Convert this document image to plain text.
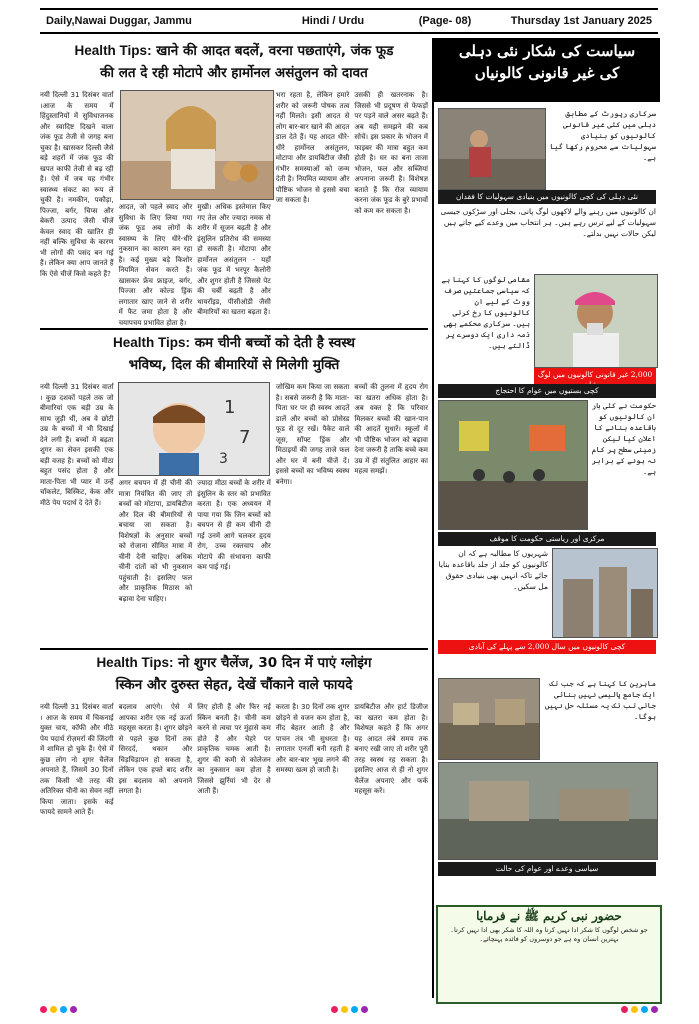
Daily,Nawai Duggar, Jammu	Hindi / Urdu	(Page- 08)	Thursday 1st January 2025
Health Tips: खाने की आदत बदलें, वरना पछताएंगे, जंक फूड
की लत दे रही मोटापे और हार्मोनल असंतुलन को दावत
नयी दिल्ली 31 दिसंबर वार्ता ।आज के समय में हिंदुस्तानियों में सुविधाजनक और स्वादिष्ट दिखने वाला जंक फूड तेजी से जगह बना चुका है। खासकर दिल्ली जैसे बड़े शहरों में जंक फूड की खपत काफी तेजी से बढ़ रही है। ऐसे में जब यह गंभीर स्वास्थ्य संकट का रूप ले चुकी है। नमकीन, पकौड़ा, पिज्जा, बर्गर, चिप्स और बेकरी उत्पाद जैसी चीजें केवल स्वाद की खातिर ही नहीं बल्कि सुविधा के कारण भी लोगों की पसंद बन गई हैं। लेकिन क्या आप जानते हैं कि ऐसे चीजें किसे कहते हैं?
आदत, जो पहले स्वाद और सुविधा के लिए लिया गया जंक फूड अब लोगों के स्वास्थ्य के लिए धीरे-धीरे नुकसान का कारण बन रहा है। कई मुख्य बड़े किशोर नियमित सेवन करते हैं। खासकर फ्रेंच फ्राइज, बर्गर, पिज्जा और कोल्ड ड्रिंक लगातार खाए जाने से शरीर में फैट जमा होता है और चयापचय प्रभावित होता है।
मुखी। अधिक इस्तेमाल किए गए तेल और ज्यादा नमक से शरीर में सूजन बढ़ती है और इंसुलिन प्रतिरोध की समस्या हो सकती है। मोटापा और हार्मोनल असंतुलन - यहाँ जंक फूड में भरपूर कैलोरी और शुगर होती है जिससे पेट की चर्बी बढ़ती है और थायरॉइड, पीसीओडी जैसी बीमारियों का खतरा बढ़ता है।
भरा रहता है, लेकिन हमारे शरीर को जरूरी पोषक तत्व नहीं मिलते। इसी आदत से लोग बार-बार खाने की आदत डाल देते हैं। यह आदत धीरे-धीरे हार्मोनल असंतुलन, मोटापा और डायबिटीज जैसी गंभीर समस्याओं को जन्म देती है। नियमित व्यायाम और पौष्टिक भोजन से इससे बचा जा सकता है।
उसकी ही खतरनाक है। जिससे भी प्रदूषण से फेफड़ों पर पड़ने वाले असर बढ़ते हैं। अब यही समझने की कब सोचें। इस प्रकार के भोजन में फाइबर की मात्रा बहुत कम होती है। घर का बना ताजा भोजन, फल और सब्जियां अपनाना जरूरी है। विशेषज्ञ बताते हैं कि रोज व्यायाम करना जंक फूड के बुरे प्रभावों को कम कर सकता है।
Health Tips: कम चीनी बच्चों को देती है स्वस्थ
भविष्य, दिल की बीमारियों से मिलेगी मुक्ति
1
7
3
नयी दिल्ली 31 दिसंबर वार्ता । कुछ दशकों पहले तक जो बीमारियां एक बड़ी उम्र के साथ जुड़ी थीं, अब वे छोटी उम्र के बच्चों में भी दिखाई देने लगी हैं। बच्चों में बढ़ता शुगर का सेवन इसकी एक बड़ी वजह है। बच्चों को मीठा बहुत पसंद होता है और माता-पिता भी प्यार में उन्हें चॉकलेट, बिस्किट, केक और मीठे पेय पदार्थ दे देते हैं।
अगर बचपन में ही चीनी की मात्रा नियंत्रित की जाए तो बच्चों को मोटापा, डायबिटीज और दिल की बीमारियों से बचाया जा सकता है। विशेषज्ञों के अनुसार बच्चों को रोजाना सीमित मात्रा में चीनी देनी चाहिए। अधिक चीनी दांतों को भी नुकसान पहुंचाती है। इसलिए फल और प्राकृतिक मिठास को बढ़ावा देना चाहिए।
ज्यादा मीठा बच्चों के शरीर में इंसुलिन के स्तर को प्रभावित करता है। एक अध्ययन में पाया गया कि जिन बच्चों को बचपन से ही कम चीनी दी गई उनमें आगे चलकर हृदय रोग, उच्च रक्तचाप और मोटापे की संभावना काफी कम पाई गई।
जोखिम कम किया जा सकता है। सबसे जरूरी है कि माता-पिता घर पर ही स्वस्थ आदतें डालें और बच्चों को प्रोसेस्ड फूड से दूर रखें। पैकेट वाले जूस, सॉफ्ट ड्रिंक और मिठाइयों की जगह ताजे फल और घर में बनी चीजें दें। इससे बच्चों का भविष्य स्वस्थ बनेगा।
बच्चों की तुलना में हृदय रोग का खतरा अधिक होता है। अब वक्त है कि परिवार मिलकर बच्चों की खान-पान की आदतें सुधारें। स्कूलों में भी पौष्टिक भोजन को बढ़ावा देना जरूरी है ताकि बच्चे कम उम्र में ही संतुलित आहार का महत्व समझें।
Health Tips: नो शुगर चैलेंज, 30 दिन में पाएं ग्लोइंग
स्किन और दुरुस्त सेहत, देखें चौंकाने वाले फायदे
नयी दिल्ली 31 दिसंबर वार्ता । आज के समय में चिकनाई युक्त चाय, कॉफी और मीठे पेय पदार्थ रोज़मर्रा की जिंदगी में शामिल हो चुके हैं। ऐसे में कुछ लोग नो शुगर चैलेंज अपनाते हैं, जिसमें 30 दिनों तक किसी भी तरह की अतिरिक्त चीनी का सेवन नहीं किया जाता। इसके कई फायदे सामने आते हैं।
बदलाव आएंगे। ऐसे में आपका शरीर एक नई ऊर्जा महसूस करता है। शुगर छोड़ने से पहले कुछ दिनों तक सिरदर्द, थकान और चिड़चिड़ापन हो सकता है, लेकिन एक हफ्ते बाद शरीर इस बदलाव को अपनाने लगता है।
लिए होती हैं और फिर नई स्किन बनती है। चीनी कम करने से त्वचा पर मुंहासे कम होते हैं और चेहरे पर प्राकृतिक चमक आती है। शुगर की कमी से कोलेजन का नुकसान कम होता है जिससे झुर्रियां भी देर से आती हैं।
करता है। 30 दिनों तक शुगर छोड़ने से वजन कम होता है, नींद बेहतर आती है और पाचन तंत्र भी सुधरता है। लगातार एनर्जी बनी रहती है और बार-बार भूख लगने की समस्या खत्म हो जाती है।
डायबिटीज और हार्ट डिजीज का खतरा कम होता है। विशेषज्ञ कहते हैं कि अगर यह आदत लंबे समय तक बनाए रखी जाए तो शरीर पूरी तरह स्वस्थ रह सकता है। इसलिए आज से ही नो शुगर चैलेंज अपनाएं और फर्क महसूस करें।
سیاست کی شکار نئی دہلی
کی غیر قانونی کالونیاں
سرکاری رپورٹ کے مطابق دہلی میں کئی غیر قانونی کالونیوں کو بنیادی سہولیات سے محروم رکھا گیا ہے۔
نئی دہلی کی کچی کالونیوں میں بنیادی سہولیات کا فقدان
ان کالونیوں میں رہنے والے لاکھوں لوگ پانی، بجلی اور سڑکوں جیسی سہولیات کے لیے ترس رہے ہیں۔ ہر انتخاب میں وعدے کیے جاتے ہیں لیکن حالات نہیں بدلتے۔
مقامی لوگوں کا کہنا ہے کہ سیاسی جماعتیں صرف ووٹ کے لیے ان کالونیوں کا رخ کرتی ہیں۔ سرکاری محکمے بھی ذمہ داری ایک دوسرے پر ڈالتے ہیں۔
2,000 غیر قانونی کالونیوں میں لوگ
کچی بستیوں میں عوام کا احتجاج
حکومت نے کئی بار ان کالونیوں کو باقاعدہ بنانے کا اعلان کیا لیکن زمینی سطح پر کام نہ ہونے کے برابر ہے۔
مرکزی اور ریاستی حکومت کا موقف
شہریوں کا مطالبہ ہے کہ ان کالونیوں کو جلد از جلد باقاعدہ بنایا جائے تاکہ انہیں بھی بنیادی حقوق مل سکیں۔
کچی کالونیوں میں سال 2,000 سے پہلے کی آبادی
ماہرین کا کہنا ہے کہ جب تک ایک جامع پالیسی نہیں بنائی جاتی تب تک یہ مسئلہ حل نہیں ہوگا۔
سیاسی وعدے اور عوام کی حالت
حضور نبی کریم ﷺ نے فرمایا
جو شخص لوگوں کا شکر ادا نہیں کرتا وہ اللہ کا شکر بھی ادا نہیں کرتا۔ بہترین انسان وہ ہے جو دوسروں کو فائدہ پہنچائے۔
